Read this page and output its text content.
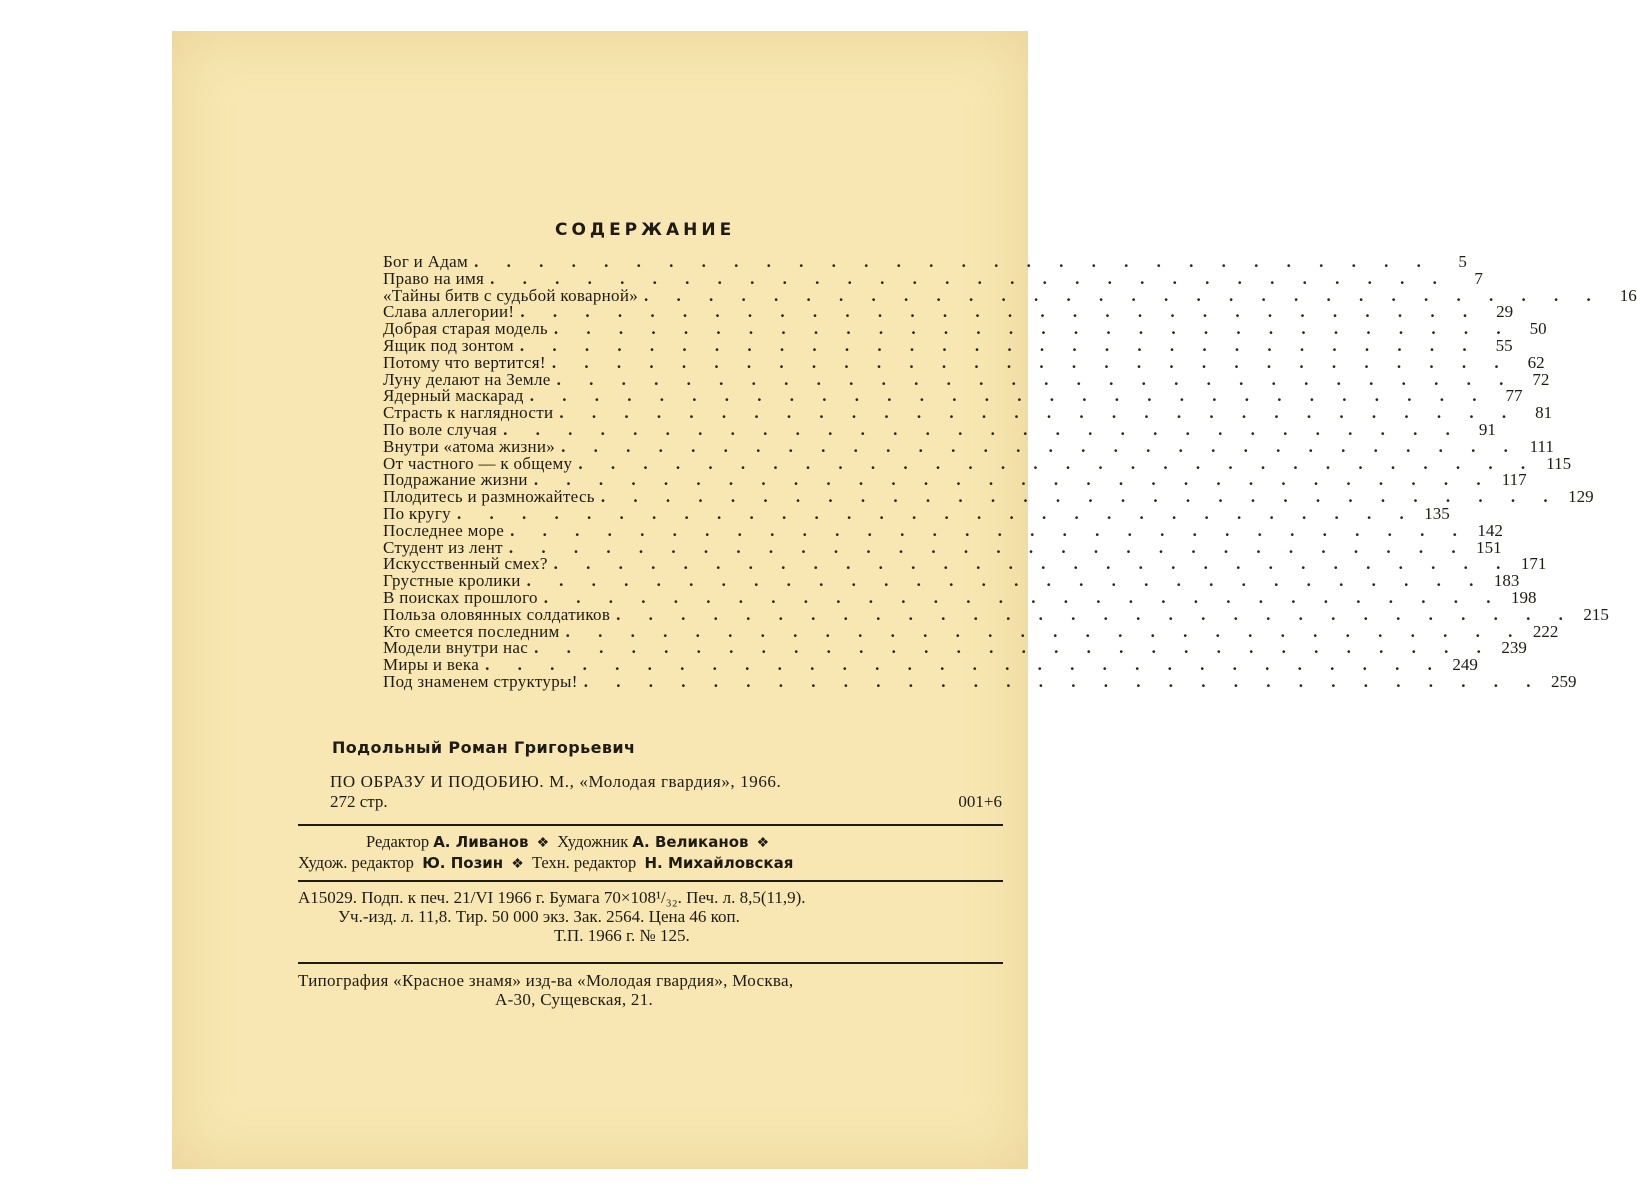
СОДЕРЖАНИЕ
Бог и Адам . . . . . . . . . . . . . . . . . . . . . . . . . . . . . .	5
Право на имя . . . . . . . . . . . . . . . . . . . . . . . . . . . . . .	7
«Тайны битв с судьбой коварной» . . . . . . . . . . . . . . . . . . . . . . . . . . . . . .	16
Слава аллегории! . . . . . . . . . . . . . . . . . . . . . . . . . . . . . .	29
Добрая старая модель . . . . . . . . . . . . . . . . . . . . . . . . . . . . . .	50
Ящик под зонтом . . . . . . . . . . . . . . . . . . . . . . . . . . . . . .	55
Потому что вертится! . . . . . . . . . . . . . . . . . . . . . . . . . . . . . .	62
Луну делают на Земле . . . . . . . . . . . . . . . . . . . . . . . . . . . . . .	72
Ядерный маскарад . . . . . . . . . . . . . . . . . . . . . . . . . . . . . .	77
Страсть к наглядности . . . . . . . . . . . . . . . . . . . . . . . . . . . . . .	81
По воле случая . . . . . . . . . . . . . . . . . . . . . . . . . . . . . .	91
Внутри «атома жизни» . . . . . . . . . . . . . . . . . . . . . . . . . . . . . . 111
От частного — к общему . . . . . . . . . . . . . . . . . . . . . . . . . . . . . . 115
Подражание жизни . . . . . . . . . . . . . . . . . . . . . . . . . . . . . . 117
Плодитесь и размножайтесь . . . . . . . . . . . . . . . . . . . . . . . . . . . . . . 129
По кругу . . . . . . . . . . . . . . . . . . . . . . . . . . . . . . 135
Последнее море . . . . . . . . . . . . . . . . . . . . . . . . . . . . . . 142
Студент из лент . . . . . . . . . . . . . . . . . . . . . . . . . . . . . . 151
Искусственный смех? . . . . . . . . . . . . . . . . . . . . . . . . . . . . . . 171
Грустные кролики . . . . . . . . . . . . . . . . . . . . . . . . . . . . . . 183
В поисках прошлого . . . . . . . . . . . . . . . . . . . . . . . . . . . . . . 198
Польза оловянных солдатиков . . . . . . . . . . . . . . . . . . . . . . . . . . . . . . 215
Кто смеется последним . . . . . . . . . . . . . . . . . . . . . . . . . . . . . . 222
Модели внутри нас . . . . . . . . . . . . . . . . . . . . . . . . . . . . . . 239
Миры и века . . . . . . . . . . . . . . . . . . . . . . . . . . . . . . 249
Под знаменем структуры! . . . . . . . . . . . . . . . . . . . . . . . . . . . . . . 259
Подольный Роман Григорьевич
ПО ОБРАЗУ И ПОДОБИЮ. М., «Молодая гвардия», 1966.
272 стр.	001+6
Редактор А. Ливанов ❖ Художник А. Великанов ❖
Худож. редактор Ю. Позин ❖ Техн. редактор Н. Михайловская
А15029. Подп. к печ. 21/VI 1966 г. Бумага 70×108¹/₃₂. Печ. л. 8,5(11,9).
Уч.-изд. л. 11,8. Тир. 50 000 экз. Зак. 2564. Цена 46 коп.
Т.П. 1966 г. № 125.
Типография «Красное знамя» изд-ва «Молодая гвардия», Москва,
А-30, Сущевская, 21.
